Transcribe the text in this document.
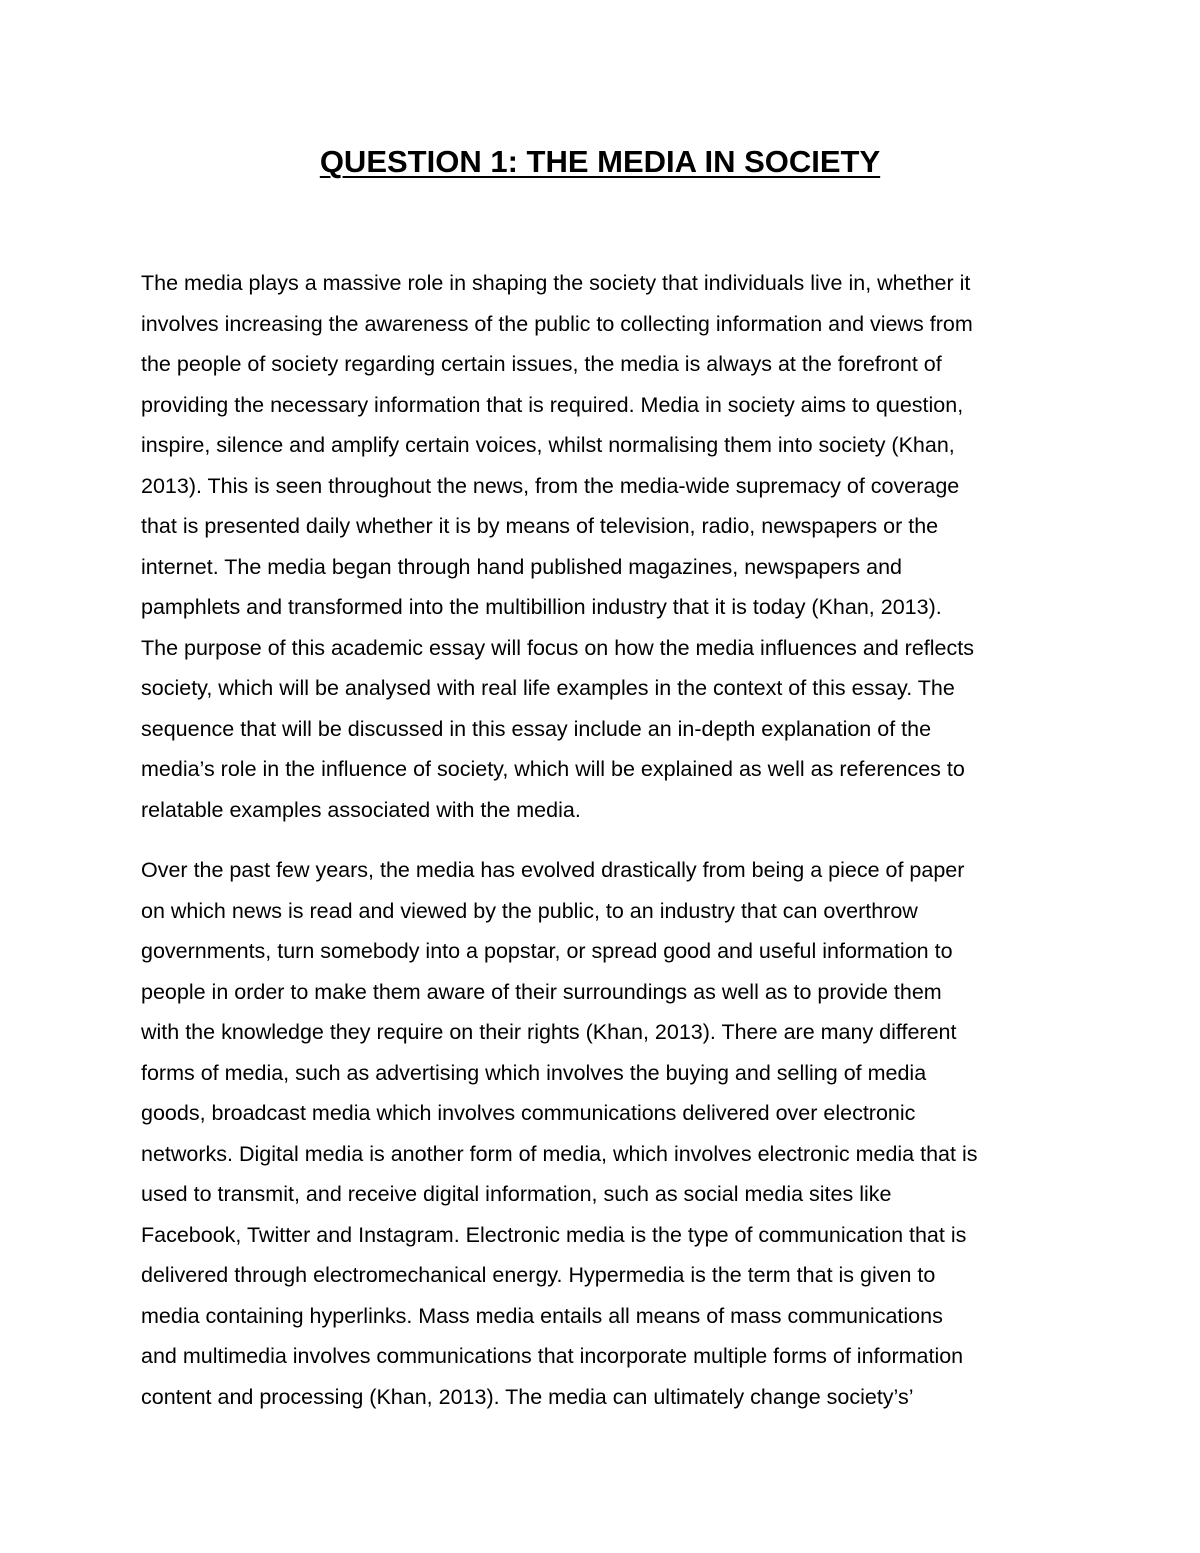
QUESTION 1: THE MEDIA IN SOCIETY
The media plays a massive role in shaping the society that individuals live in, whether it
involves increasing the awareness of the public to collecting information and views from
the people of society regarding certain issues, the media is always at the forefront of
providing the necessary information that is required. Media in society aims to question,
inspire, silence and amplify certain voices, whilst normalising them into society (Khan,
2013). This is seen throughout the news, from the media-wide supremacy of coverage
that is presented daily whether it is by means of television, radio, newspapers or the
internet. The media began through hand published magazines, newspapers and
pamphlets and transformed into the multibillion industry that it is today (Khan, 2013).
The purpose of this academic essay will focus on how the media influences and reflects
society, which will be analysed with real life examples in the context of this essay. The
sequence that will be discussed in this essay include an in-depth explanation of the
media’s role in the influence of society, which will be explained as well as references to
relatable examples associated with the media.
Over the past few years, the media has evolved drastically from being a piece of paper
on which news is read and viewed by the public, to an industry that can overthrow
governments, turn somebody into a popstar, or spread good and useful information to
people in order to make them aware of their surroundings as well as to provide them
with the knowledge they require on their rights (Khan, 2013). There are many different
forms of media, such as advertising which involves the buying and selling of media
goods, broadcast media which involves communications delivered over electronic
networks. Digital media is another form of media, which involves electronic media that is
used to transmit, and receive digital information, such as social media sites like
Facebook, Twitter and Instagram. Electronic media is the type of communication that is
delivered through electromechanical energy. Hypermedia is the term that is given to
media containing hyperlinks. Mass media entails all means of mass communications
and multimedia involves communications that incorporate multiple forms of information
content and processing (Khan, 2013). The media can ultimately change society’s’
